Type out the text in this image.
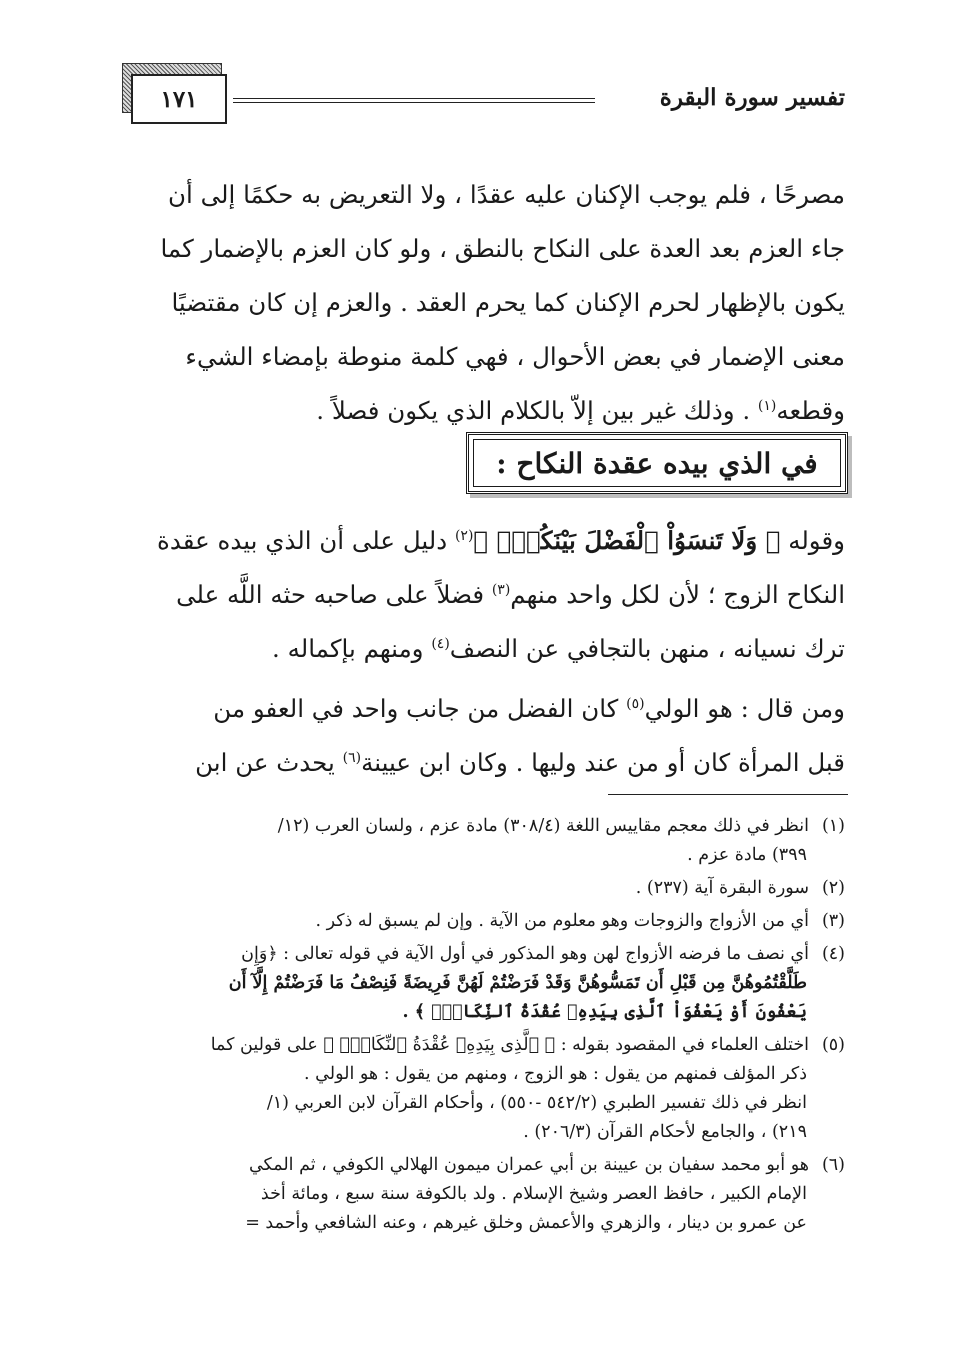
تفسير سورة البقرة
١٧١
مصرحًا ، فلم يوجب الإكنان عليه عقدًا ، ولا التعريض به حكمًا إلى أن
جاء العزم بعد العدة على النكاح بالنطق ، ولو كان العزم بالإضمار كما
يكون بالإظهار لحرم الإكنان كما يحرم العقد . والعزم إن كان مقتضيًا
معنى الإضمار في بعض الأحوال ، فهي كلمة منوطة بإمضاء الشيء
وقطعه$^{(١)}$ . وذلك غير بين إلاّ بالكلام الذي يكون فصلاً .
في الذي بيده عقدة النكاح :
وقوله ﴿ وَلَا تَنسَوُاْ ٱلْفَضْلَ بَيْنَكُمْۚ ﴾$^{(٢)}$ دليل على أن الذي بيده عقدة
النكاح الزوج ؛ لأن لكل واحد منهم$^{(٣)}$ فضلاً على صاحبه حثه اللَّه على
ترك نسيانه ، منهن بالتجافي عن النصف$^{(٤)}$ ومنهم بإكماله .
ومن قال : هو الولي$^{(٥)}$ كان الفضل من جانب واحد في العفو من
قبل المرأة كان أو من عند وليها . وكان ابن عيينة$^{(٦)}$ يحدث عن ابن
(١)انظر في ذلك معجم مقاييس اللغة (٣٠٨/٤) مادة عزم ، ولسان العرب (١٢/
٣٩٩) مادة عزم .
(٢)سورة البقرة آية (٢٣٧) .
(٣)أي من الأزواج والزوجات وهو معلوم من الآية . وإن لم يسبق له ذكر .
(٤)أي نصف ما فرضه الأزواج لهن وهو المذكور في أول الآية في قوله تعالى : ﴿وَإِن
طَلَّقْتُمُوهُنَّ مِن قَبْلِ أَن تَمَسُّوهُنَّ وَقَدْ فَرَضْتُمْ لَهُنَّ فَرِيضَةً فَنِصْفُ مَا فَرَضْتُمْ إِلَّآ أَن
يَعْفُونَ أَوْ يَعْفُوَاْ ٱلَّذِى بِيَدِهِۦ عُقْدَةُ ٱلنِّكَاحِۚ ﴾ .
(٥)اختلف العلماء في المقصود بقوله : ﴿ ٱلَّذِى بِيَدِهِۦ عُقْدَةُ ٱلنِّكَاحِۚ ﴾ على قولين كما
ذكر المؤلف فمنهم من يقول : هو الزوج ، ومنهم من يقول : هو الولي .
انظر في ذلك تفسير الطبري (٥٤٢/٢ -٥٥٠) ، وأحكام القرآن لابن العربي (١/
٢١٩) ، والجامع لأحكام القرآن (٢٠٦/٣) .
(٦)هو أبو محمد سفيان بن عيينة بن أبي عمران ميمون الهلالي الكوفي ، ثم المكي
الإمام الكبير ، حافظ العصر وشيخ الإسلام . ولد بالكوفة سنة سبع ، ومائة أخذ
عن عمرو بن دينار ، والزهري والأعمش وخلق غيرهم ، وعنه الشافعي وأحمد =
